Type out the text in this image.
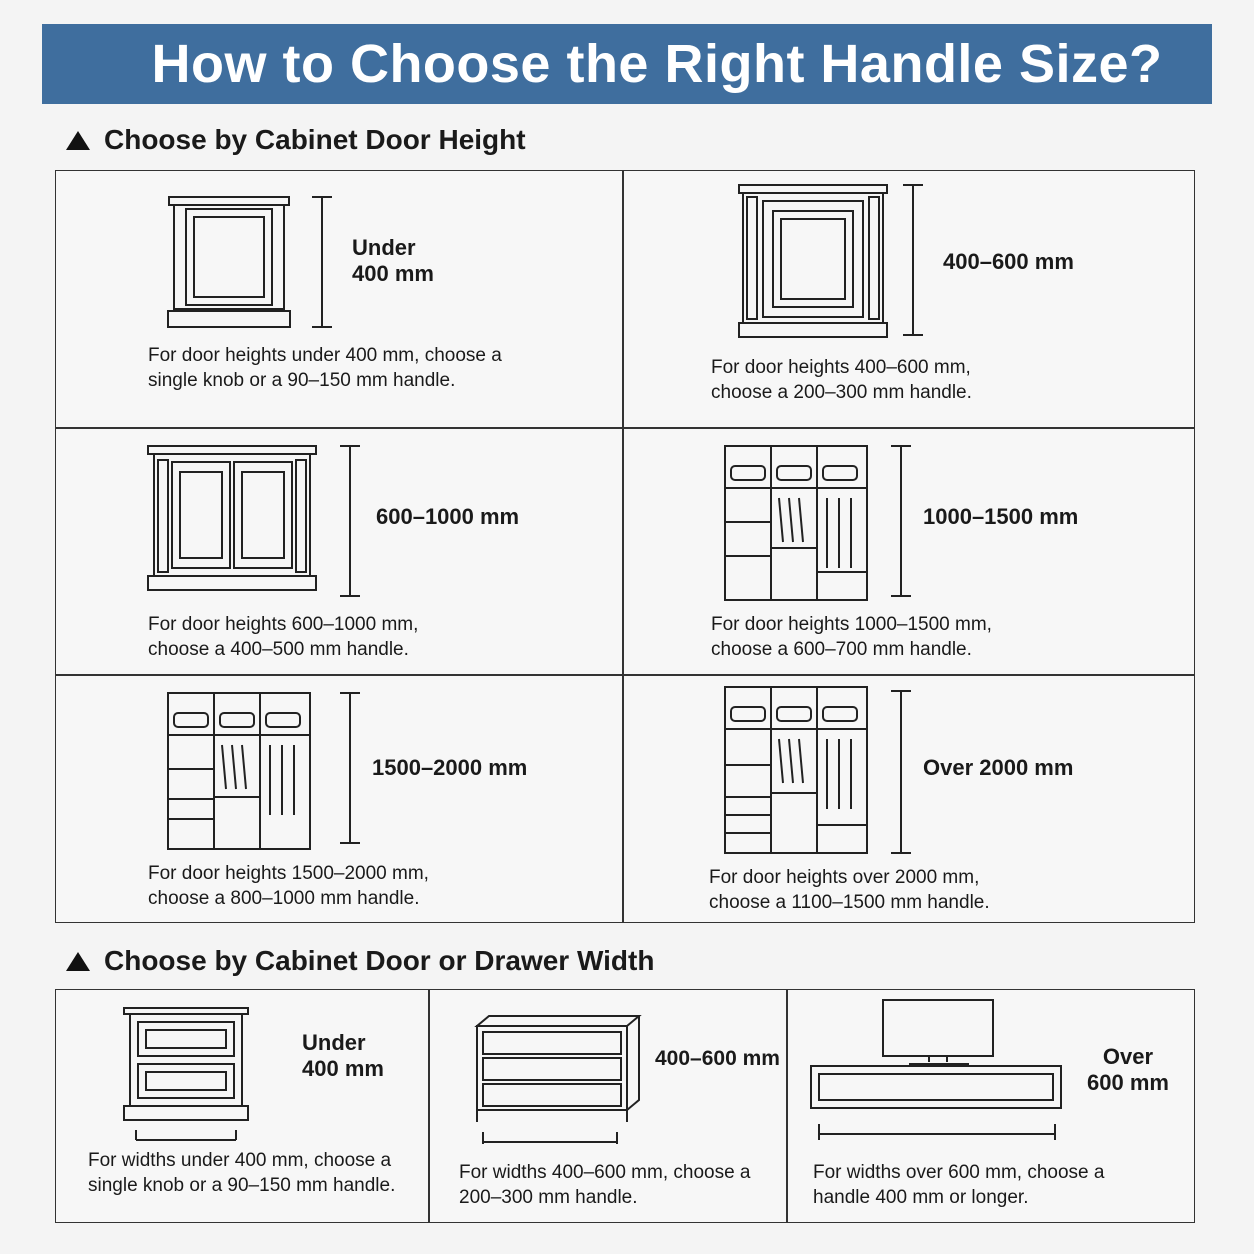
How to Choose the Right Handle Size?
Choose by Cabinet Door Height
Under
400 mm
For door heights under 400 mm, choose a single knob or a 90–150 mm handle.
400–600 mm
For door heights 400–600 mm, choose a 200–300 mm handle.
600–1000 mm
For door heights 600–1000 mm, choose a 400–500 mm handle.
1000–1500 mm
For door heights 1000–1500 mm, choose a 600–700 mm handle.
1500–2000 mm
For door heights 1500–2000 mm, choose a 800–1000 mm handle.
Over 2000 mm
For door heights over 2000 mm, choose a 1100–1500 mm handle.
Choose by Cabinet Door or Drawer Width
Under
400 mm
For widths under 400 mm, choose a single knob or a 90–150 mm handle.
400–600 mm
For widths 400–600 mm, choose a 200–300 mm handle.
Over
600 mm
For widths over 600 mm, choose a handle 400 mm or longer.
